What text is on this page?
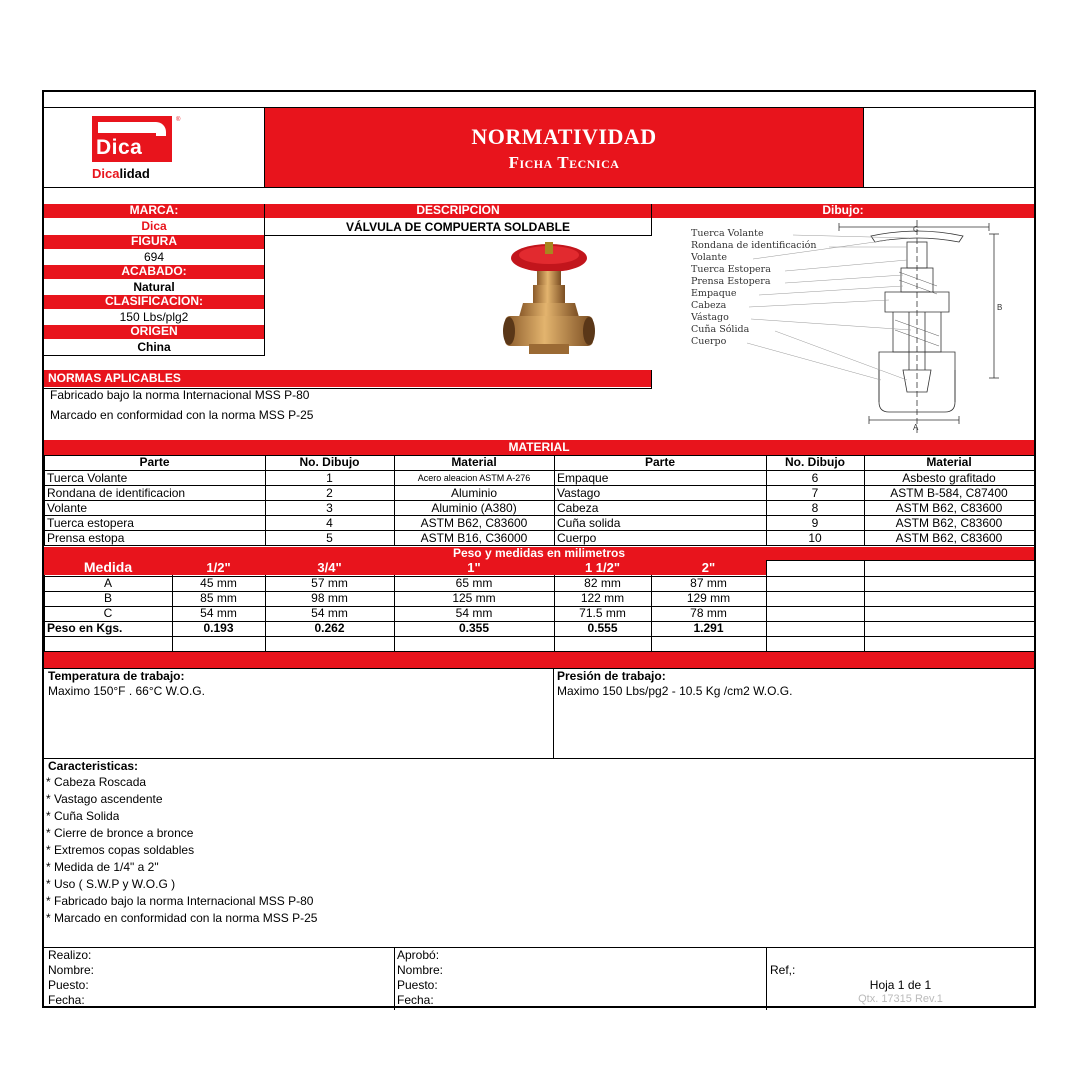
®
Dica
Dicalidad
NORMATIVIDAD
Ficha Tecnica
MARCA:	DESCRIPCION	Dibujo:
Dica
FIGURA
694
ACABADO:
Natural
CLASIFICACION:
150 Lbs/plg2
ORIGEN
China
VÁLVULA DE COMPUERTA SOLDABLE	Tuerca Volante
Rondana de identificación
Volante
Tuerca Estopera
Prensa Estopera
Empaque
Cabeza
Vástago
Cuña Sólida
Cuerpo
C
B
A
NORMAS APLICABLES
Fabricado bajo la norma Internacional MSS P-80
Marcado en conformidad con la norma MSS P-25
MATERIAL
Parte	No. Dibujo	Material	Parte	No. Dibujo	Material
Tuerca Volante	1	Acero aleacion ASTM A-276	Empaque	6	Asbesto grafitado
Rondana de identificacion	2	Aluminio	Vastago	7	ASTM B-584, C87400
Volante	3	Aluminio (A380)	Cabeza	8	ASTM B62, C83600
Tuerca estopera	4	ASTM B62, C83600	Cuña solida	9	ASTM B62, C83600
Prensa estopa	5	ASTM B16, C36000	Cuerpo	10	ASTM B62, C83600
Peso y medidas en milimetros
Medida	1/2"	3/4"	1"	1 1/2"	2"
A	45 mm	57 mm	65 mm	82 mm	87 mm
B	85 mm	98 mm	125 mm	122 mm	129 mm
C	54 mm	54 mm	54 mm	71.5 mm	78 mm
Peso en Kgs.	0.193	0.262	0.355	0.555	1.291
Temperatura de trabajo:
Maximo 150°F . 66°C W.O.G.
Presión de trabajo:
Maximo 150 Lbs/pg2 - 10.5 Kg /cm2 W.O.G.
Caracteristicas:
* Cabeza Roscada
* Vastago ascendente
* Cuña Solida
* Cierre de bronce a bronce
* Extremos copas soldables
* Medida de 1/4" a 2"
* Uso ( S.W.P y W.O.G )
* Fabricado bajo la norma Internacional MSS P-80
* Marcado en conformidad con la norma MSS P-25
Realizo:
Nombre:
Puesto:
Fecha:
Aprobó:
Nombre:
Puesto:
Fecha:
Ref,:
Hoja 1 de 1
Qtx. 17315 Rev.1
